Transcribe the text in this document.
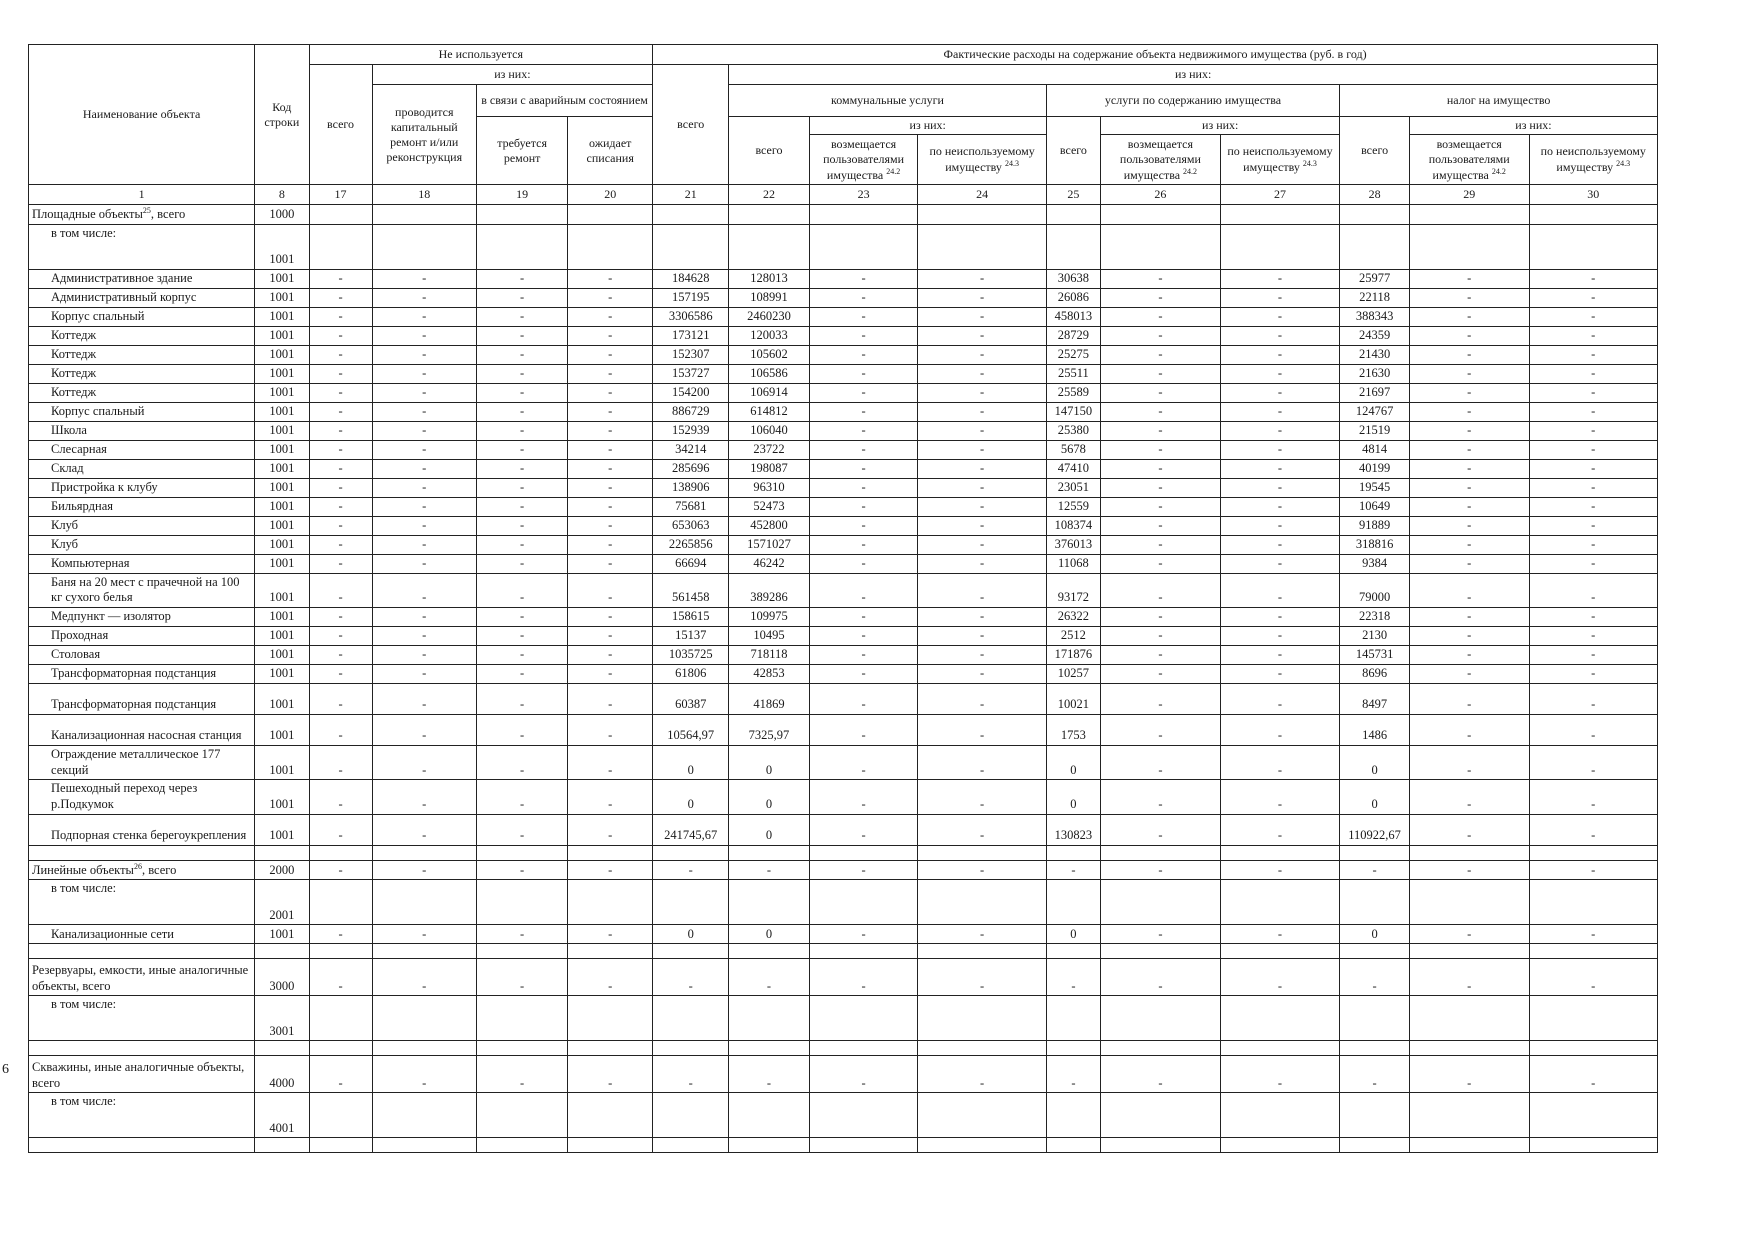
Наименование объекта	Код строки	Не используется				Фактические расходы на содержание объекта недвижимого имущества (руб. в год)									
		всего	из них:			всего	из них:								
			проводится капитальный ремонт и/или реконструкция	в связи с аварийным состоянием			коммунальные услуги			услуги по содержанию имущества			налог на имущество		
				требуется ремонт	ожидает списания		всего	из них:		всего	из них:		всего	из них:	
								возмещается пользователями имущества $^{24.2}$	по неиспользуемому имуществу $^{24.3}$		возмещается пользователями имущества $^{24.2}$	по неиспользуемому имуществу $^{24.3}$		возмещается пользователями имущества $^{24.2}$	по неиспользуемому имуществу $^{24.3}$
1	8	17	18	19	20	21	22	23	24	25	26	27	28	29	30
Площадные объекты$^{25}$, всего	1000														
в том числе:	1001														
Административное здание	1001	-	-	-	-	184628	128013	-	-	30638	-	-	25977	-	-
Административный корпус	1001	-	-	-	-	157195	108991	-	-	26086	-	-	22118	-	-
Корпус спальный	1001	-	-	-	-	3306586	2460230	-	-	458013	-	-	388343	-	-
Коттедж	1001	-	-	-	-	173121	120033	-	-	28729	-	-	24359	-	-
Коттедж	1001	-	-	-	-	152307	105602	-	-	25275	-	-	21430	-	-
Коттедж	1001	-	-	-	-	153727	106586	-	-	25511	-	-	21630	-	-
Коттедж	1001	-	-	-	-	154200	106914	-	-	25589	-	-	21697	-	-
Корпус спальный	1001	-	-	-	-	886729	614812	-	-	147150	-	-	124767	-	-
Школа	1001	-	-	-	-	152939	106040	-	-	25380	-	-	21519	-	-
Слесарная	1001	-	-	-	-	34214	23722	-	-	5678	-	-	4814	-	-
Склад	1001	-	-	-	-	285696	198087	-	-	47410	-	-	40199	-	-
Пристройка к клубу	1001	-	-	-	-	138906	96310	-	-	23051	-	-	19545	-	-
Бильярдная	1001	-	-	-	-	75681	52473	-	-	12559	-	-	10649	-	-
Клуб	1001	-	-	-	-	653063	452800	-	-	108374	-	-	91889	-	-
Клуб	1001	-	-	-	-	2265856	1571027	-	-	376013	-	-	318816	-	-
Компьютерная	1001	-	-	-	-	66694	46242	-	-	11068	-	-	9384	-	-
Баня на 20 мест с прачечной на 100 кг сухого белья	1001	-	-	-	-	561458	389286	-	-	93172	-	-	79000	-	-
Медпункт — изолятор	1001	-	-	-	-	158615	109975	-	-	26322	-	-	22318	-	-
Проходная	1001	-	-	-	-	15137	10495	-	-	2512	-	-	2130	-	-
Столовая	1001	-	-	-	-	1035725	718118	-	-	171876	-	-	145731	-	-
Трансформаторная подстанция	1001	-	-	-	-	61806	42853	-	-	10257	-	-	8696	-	-
Трансформаторная подстанция	1001	-	-	-	-	60387	41869	-	-	10021	-	-	8497	-	-
Канализационная насосная станция	1001	-	-	-	-	10564,97	7325,97	-	-	1753	-	-	1486	-	-
Ограждение металлическое 177 секций	1001	-	-	-	-	0	0	-	-	0	-	-	0	-	-
Пешеходный переход через р.Подкумок	1001	-	-	-	-	0	0	-	-	0	-	-	0	-	-
Подпорная стенка берегоукрепления	1001	-	-	-	-	241745,67	0	-	-	130823	-	-	110922,67	-	-

Линейные объекты$^{26}$, всего	2000	-	-	-	-	-	-	-	-	-	-	-	-	-	-
в том числе:	2001														
Канализационные сети	1001	-	-	-	-	0	0	-	-	0	-	-	0	-	-

Резервуары, емкости, иные аналогичные объекты, всего	3000	-	-	-	-	-	-	-	-	-	-	-	-	-	-
в том числе:	3001														

Скважины, иные аналогичные объекты, всего	4000	-	-	-	-	-	-	-	-	-	-	-	-	-	-
в том числе:	4001														

6
